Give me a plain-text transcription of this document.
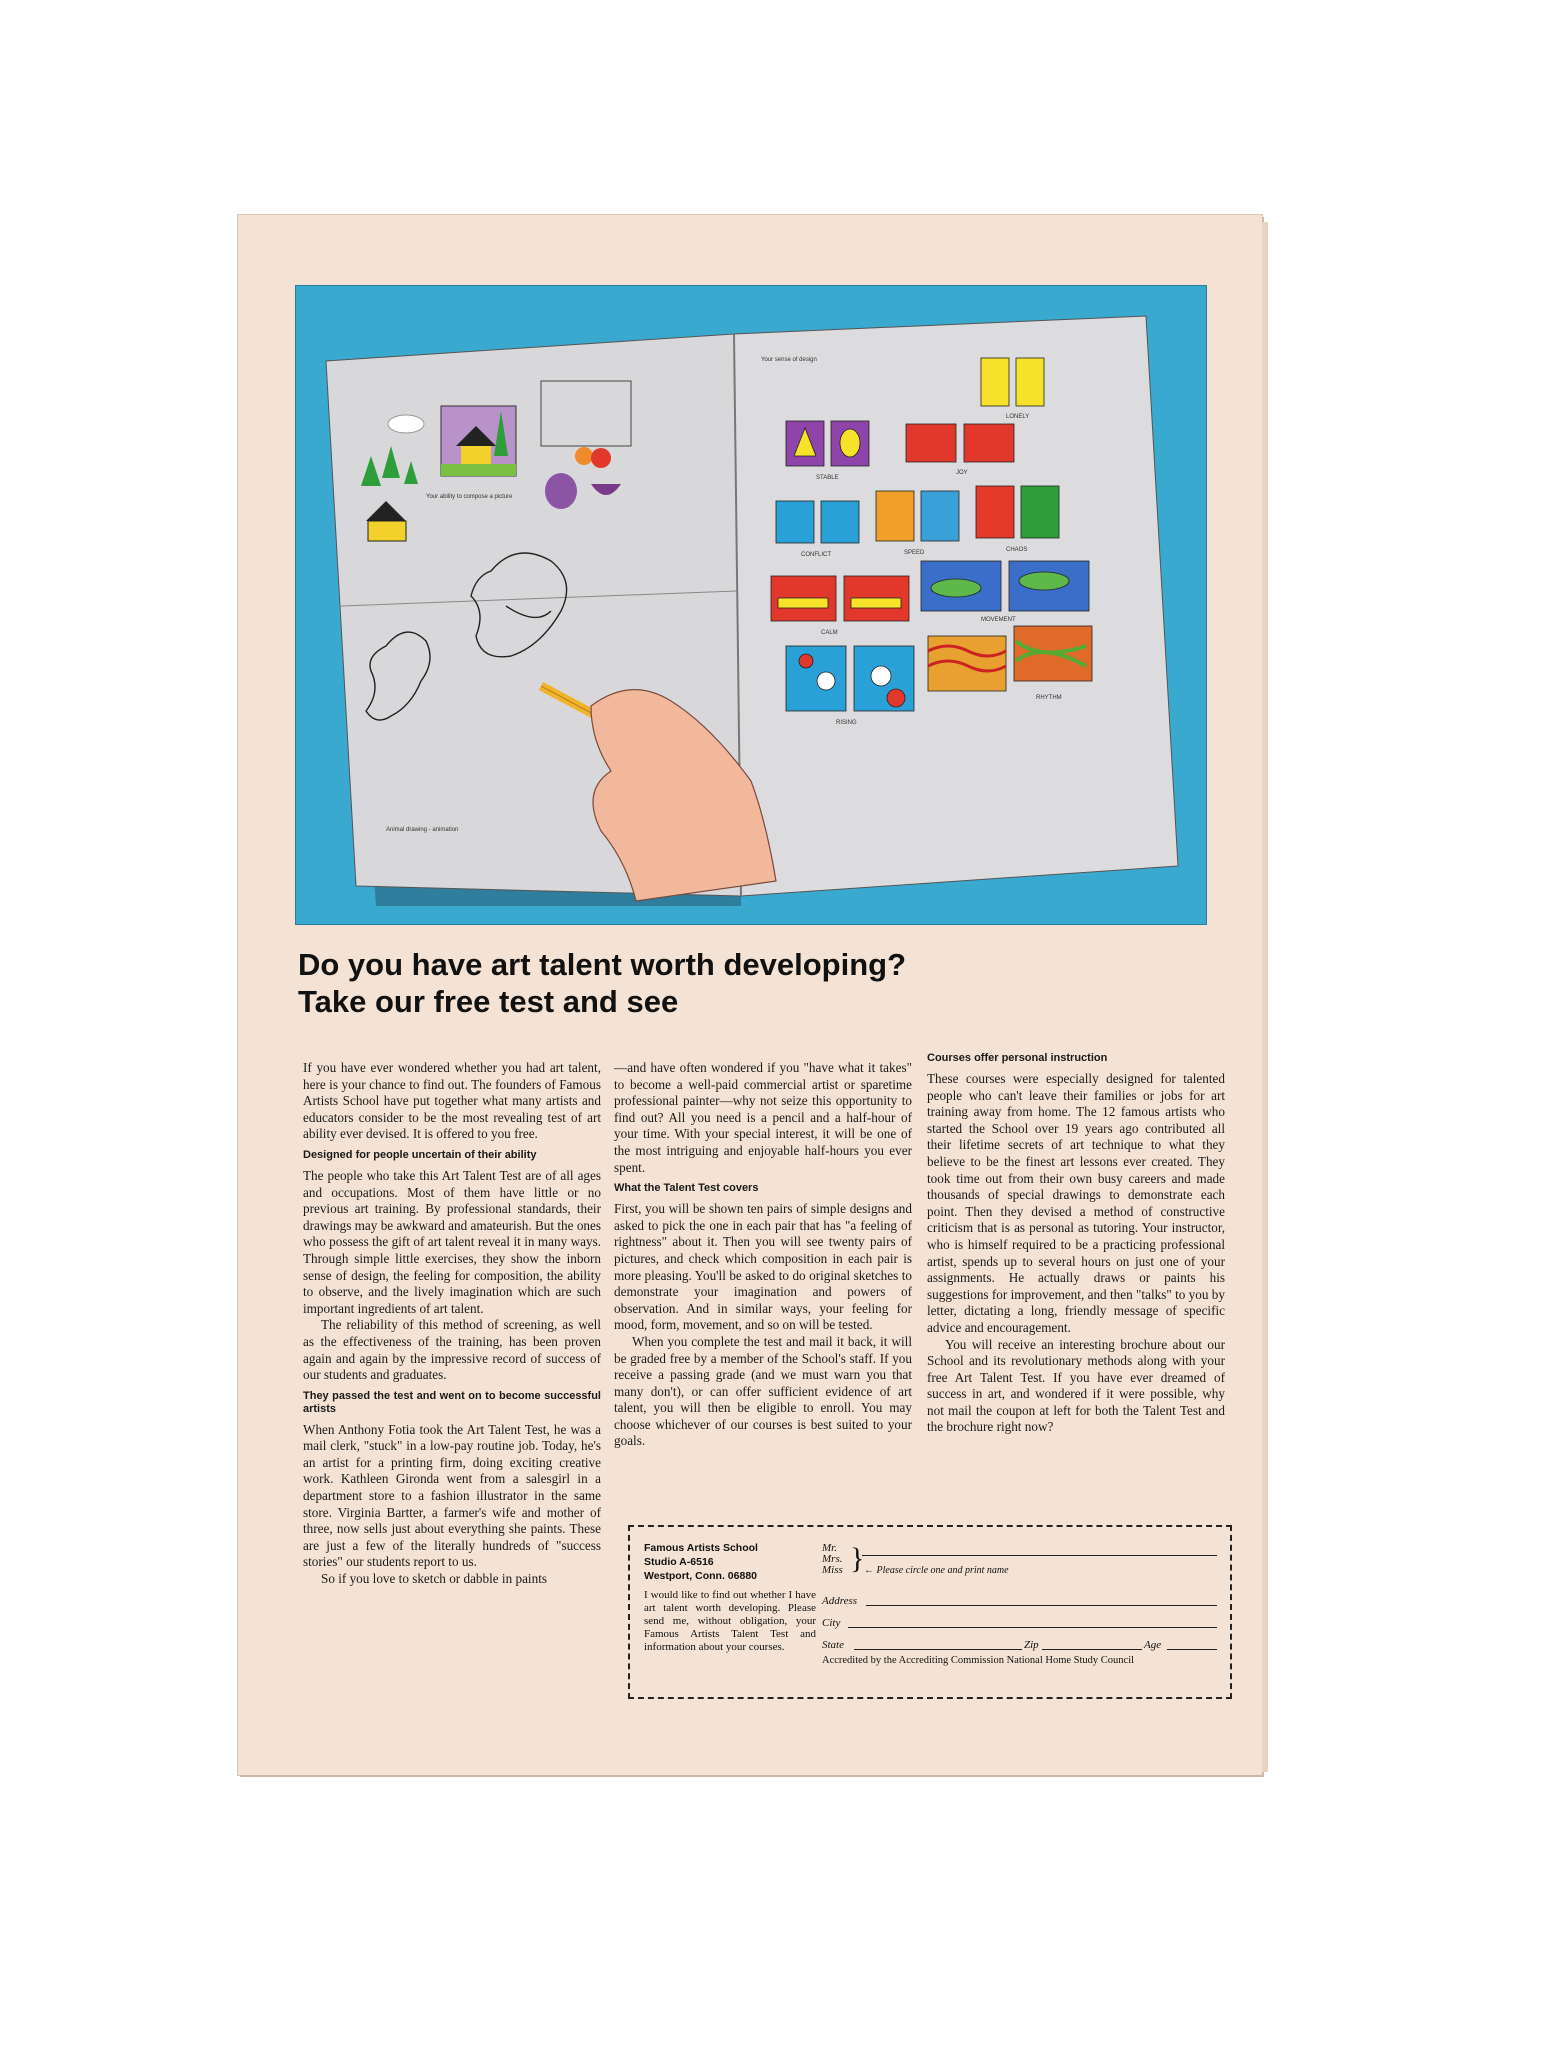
Your ability to compose a picture
Animal drawing - animation
Your sense of design
LONELY
STABLE
JOY
CONFLICT	SPEED	CHAOS
CALM
MOVEMENT
RISING
RHYTHM
Do you have art talent worth developing?
Take our free test and see

If you have ever wondered whether you had art talent, here is your chance to find out. The founders of Famous Artists School have put together what many artists and educators consider to be the most revealing test of art ability ever devised. It is offered to you free.

Designed for people uncertain of their ability

The people who take this Art Talent Test are of all ages and occupations. Most of them have little or no previous art training. By professional standards, their drawings may be awkward and amateurish. But the ones who possess the gift of art talent reveal it in many ways. Through simple little exercises, they show the inborn sense of design, the feeling for composition, the ability to observe, and the lively imagination which are such important ingredients of art talent.

The reliability of this method of screening, as well as the effectiveness of the training, has been proven again and again by the impressive record of success of our students and graduates.

They passed the test and went on to become successful artists

When Anthony Fotia took the Art Talent Test, he was a mail clerk, "stuck" in a low-pay routine job. Today, he's an artist for a printing firm, doing exciting creative work. Kathleen Gironda went from a salesgirl in a department store to a fashion illustrator in the same store. Virginia Bartter, a farmer's wife and mother of three, now sells just about everything she paints. These are just a few of the literally hundreds of "success stories" our students report to us.

So if you love to sketch or dabble in paints

—and have often wondered if you "have what it takes" to become a well-paid commercial artist or sparetime professional painter—why not seize this opportunity to find out? All you need is a pencil and a half-hour of your time. With your special interest, it will be one of the most intriguing and enjoyable half-hours you ever spent.

What the Talent Test covers

First, you will be shown ten pairs of simple designs and asked to pick the one in each pair that has "a feeling of rightness" about it. Then you will see twenty pairs of pictures, and check which composition in each pair is more pleasing. You'll be asked to do original sketches to demonstrate your imagination and powers of observation. And in similar ways, your feeling for mood, form, movement, and so on will be tested.

When you complete the test and mail it back, it will be graded free by a member of the School's staff. If you receive a passing grade (and we must warn you that many don't), or can offer sufficient evidence of art talent, you will then be eligible to enroll. You may choose whichever of our courses is best suited to your goals.

Courses offer personal instruction

These courses were especially designed for talented people who can't leave their families or jobs for art training away from home. The 12 famous artists who started the School over 19 years ago contributed all their lifetime secrets of art technique to what they believe to be the finest art lessons ever created. They took time out from their own busy careers and made thousands of special drawings to demonstrate each point. Then they devised a method of constructive criticism that is as personal as tutoring. Your instructor, who is himself required to be a practicing professional artist, spends up to several hours on just one of your assignments. He actually draws or paints his suggestions for improvement, and then "talks" to you by letter, dictating a long, friendly message of specific advice and encouragement.

You will receive an interesting brochure about our School and its revolutionary methods along with your free Art Talent Test. If you have ever dreamed of success in art, and wondered if it were possible, why not mail the coupon at left for both the Talent Test and the brochure right now?

Famous Artists School
Studio A-6516
Westport, Conn. 06880
I would like to find out whether I have art talent worth developing. Please send me, without obligation, your Famous Artists Talent Test and information about your courses.
Mr.
Mrs.
Miss } ← Please circle one and print name
Address
City
State	Zip	Age
Accredited by the Accrediting Commission National Home Study Council
